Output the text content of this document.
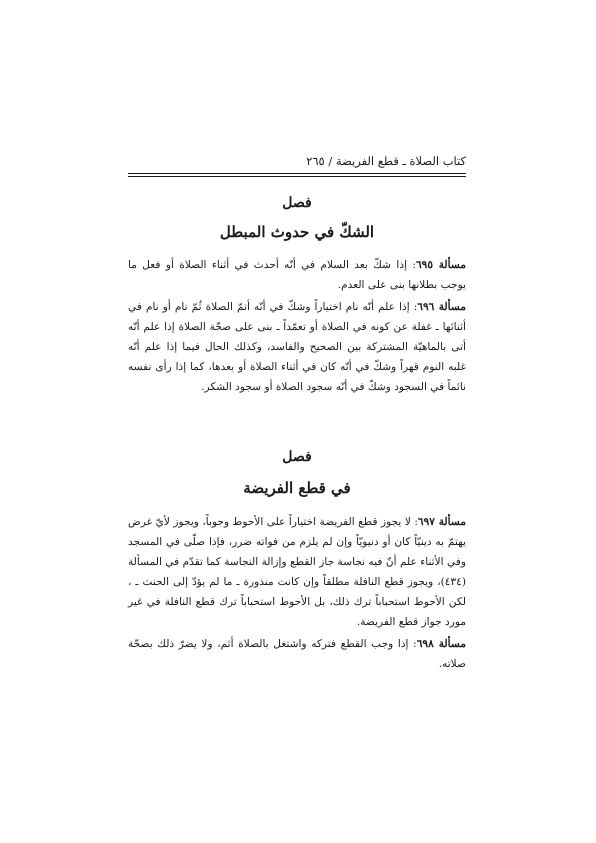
كتاب الصلاة ـ قطع الفريضة / ٢٦٥

فصل

الشكّ في حدوث المبطل

مسألة ٦٩٥: إذا شكّ بعد السلام في أنّه أحدث في أثناء الصلاة أو فعل ما يوجب بطلانها بنى على العدم.

مسألة ٦٩٦: إذا علم أنّه نام اختياراً وشكّ في أنّه أتمّ الصلاة ثُمّ نام أو نام في أثنائها ـ غفلة عن كونه في الصلاة أو تعمّداً ـ بنى على صحّة الصلاة إذا علم أنّه أتى بالماهيّة المشتركة بين الصحيح والفاسد، وكذلك الحال فيما إذا علم أنّه غلبه النوم قهراً وشكّ في أنّه كان في أثناء الصلاة أو بعدها، كما إذا رأى نفسه نائماً في السجود وشكّ في أنّه سجود الصلاة أو سجود الشكر.

فصل

في قطع الفريضة

مسألة ٦٩٧: لا يجوز قطع الفريضة اختياراً على الأحوط وجوباً، ويجوز لأيّ غرض يهتمّ به دينيّاً كان أو دنيويّاً وإن لم يلزم من فواته ضرر، فإذا صلّى في المسجد وفي الأثناء علم أنّ فيه نجاسة جاز القطع وإزالة النجاسة كما تقدّم في المسألة (٤٣٤)، ويجوز قطع النافلة مطلقاً وإن كانت منذورة ـ ما لم يؤدّ إلى الحنث ـ ، لكن الأحوط استحباباً ترك ذلك، بل الأحوط استحباباً ترك قطع النافلة في غير مورد جواز قطع الفريضة.

مسألة ٦٩٨: إذا وجب القطع فتركه واشتغل بالصلاة أثم، ولا يضرّ ذلك بصحّة صلاته.
